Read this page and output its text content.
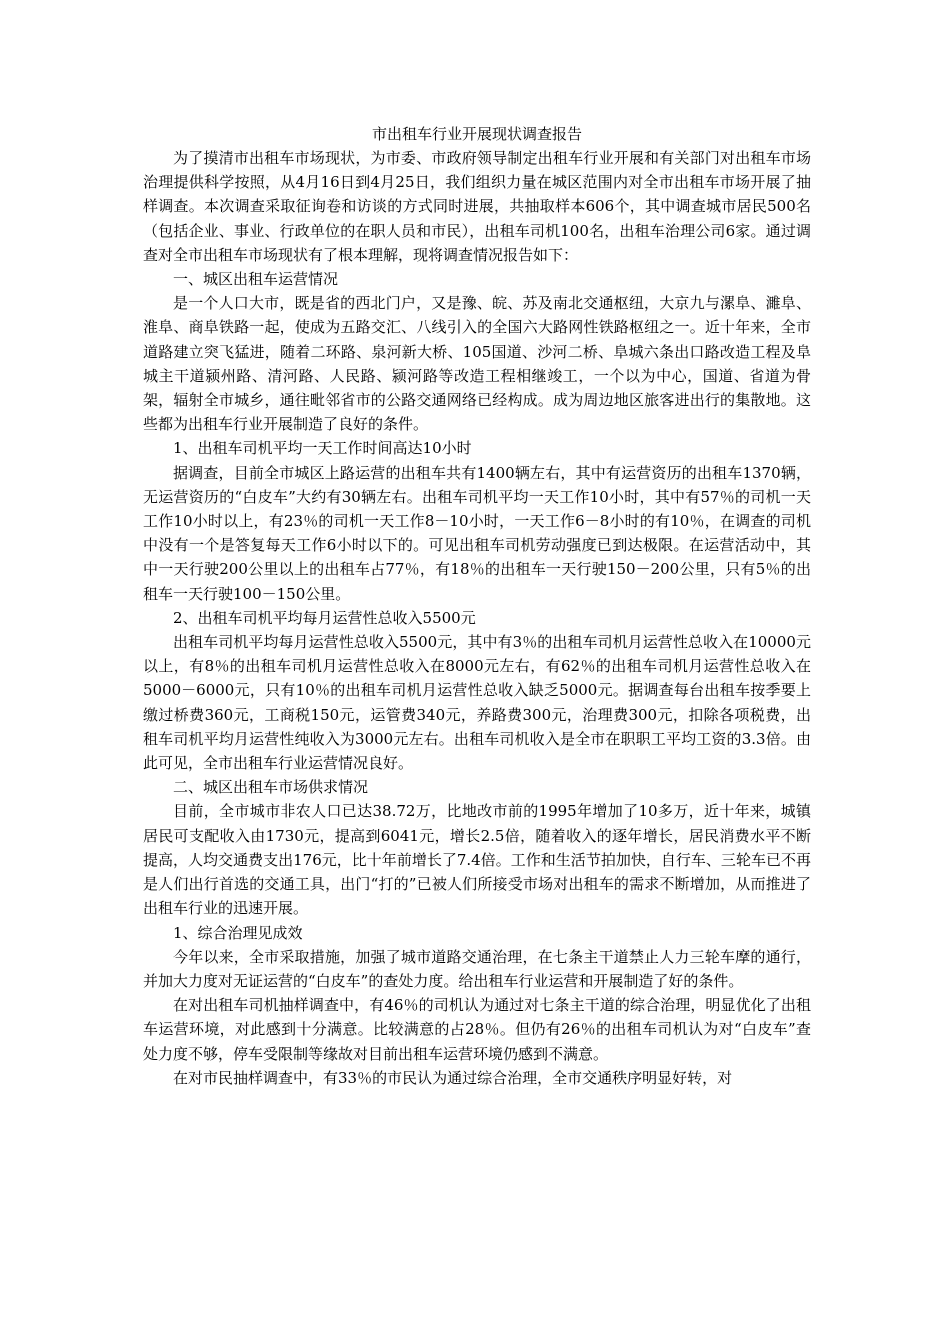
市出租车行业开展现状调查报告

为了摸清市出租车市场现状，为市委、市政府领导制定出租车行业开展和有关部门对出租车市场治理提供科学按照，从4月16日到4月25日，我们组织力量在城区范围内对全市出租车市场开展了抽样调查。本次调查采取征询卷和访谈的方式同时进展，共抽取样本606个，其中调查城市居民500名（包括企业、事业、行政单位的在职人员和市民），出租车司机100名，出租车治理公司6家。通过调查对全市出租车市场现状有了根本理解，现将调查情况报告如下：

一、城区出租车运营情况

是一个人口大市，既是省的西北门户，又是豫、皖、苏及南北交通枢纽，大京九与漯阜、濉阜、淮阜、商阜铁路一起，使成为五路交汇、八线引入的全国六大路网性铁路枢纽之一。近十年来，全市道路建立突飞猛进，随着二环路、泉河新大桥、105国道、沙河二桥、阜城六条出口路改造工程及阜城主干道颍州路、清河路、人民路、颍河路等改造工程相继竣工，一个以为中心，国道、省道为骨架，辐射全市城乡，通往毗邻省市的公路交通网络已经构成。成为周边地区旅客进出行的集散地。这些都为出租车行业开展制造了良好的条件。

1、出租车司机平均一天工作时间高达10小时

据调查，目前全市城区上路运营的出租车共有1400辆左右，其中有运营资历的出租车1370辆，无运营资历的“白皮车”大约有30辆左右。出租车司机平均一天工作10小时，其中有57％的司机一天工作10小时以上，有23％的司机一天工作8－10小时，一天工作6－8小时的有10％，在调查的司机中没有一个是答复每天工作6小时以下的。可见出租车司机劳动强度已到达极限。在运营活动中，其中一天行驶200公里以上的出租车占77％，有18％的出租车一天行驶150－200公里，只有5％的出租车一天行驶100－150公里。

2、出租车司机平均每月运营性总收入5500元

出租车司机平均每月运营性总收入5500元，其中有3％的出租车司机月运营性总收入在10000元以上，有8％的出租车司机月运营性总收入在8000元左右，有62％的出租车司机月运营性总收入在5000－6000元，只有10％的出租车司机月运营性总收入缺乏5000元。据调查每台出租车按季要上缴过桥费360元，工商税150元，运管费340元，养路费300元，治理费300元，扣除各项税费，出租车司机平均月运营性纯收入为3000元左右。出租车司机收入是全市在职职工平均工资的3.3倍。由此可见，全市出租车行业运营情况良好。

二、城区出租车市场供求情况

目前，全市城市非农人口已达38.72万，比地改市前的1995年增加了10多万，近十年来，城镇居民可支配收入由1730元，提高到6041元，增长2.5倍，随着收入的逐年增长，居民消费水平不断提高，人均交通费支出176元，比十年前增长了7.4倍。工作和生活节拍加快，自行车、三轮车已不再是人们出行首选的交通工具，出门“打的”已被人们所接受市场对出租车的需求不断增加，从而推进了出租车行业的迅速开展。

1、综合治理见成效

今年以来，全市采取措施，加强了城市道路交通治理，在七条主干道禁止人力三轮车摩的通行，并加大力度对无证运营的“白皮车”的查处力度。给出租车行业运营和开展制造了好的条件。

在对出租车司机抽样调查中，有46％的司机认为通过对七条主干道的综合治理，明显优化了出租车运营环境，对此感到十分满意。比较满意的占28％。但仍有26％的出租车司机认为对“白皮车”查处力度不够，停车受限制等缘故对目前出租车运营环境仍感到不满意。

在对市民抽样调查中，有33％的市民认为通过综合治理，全市交通秩序明显好转，对
